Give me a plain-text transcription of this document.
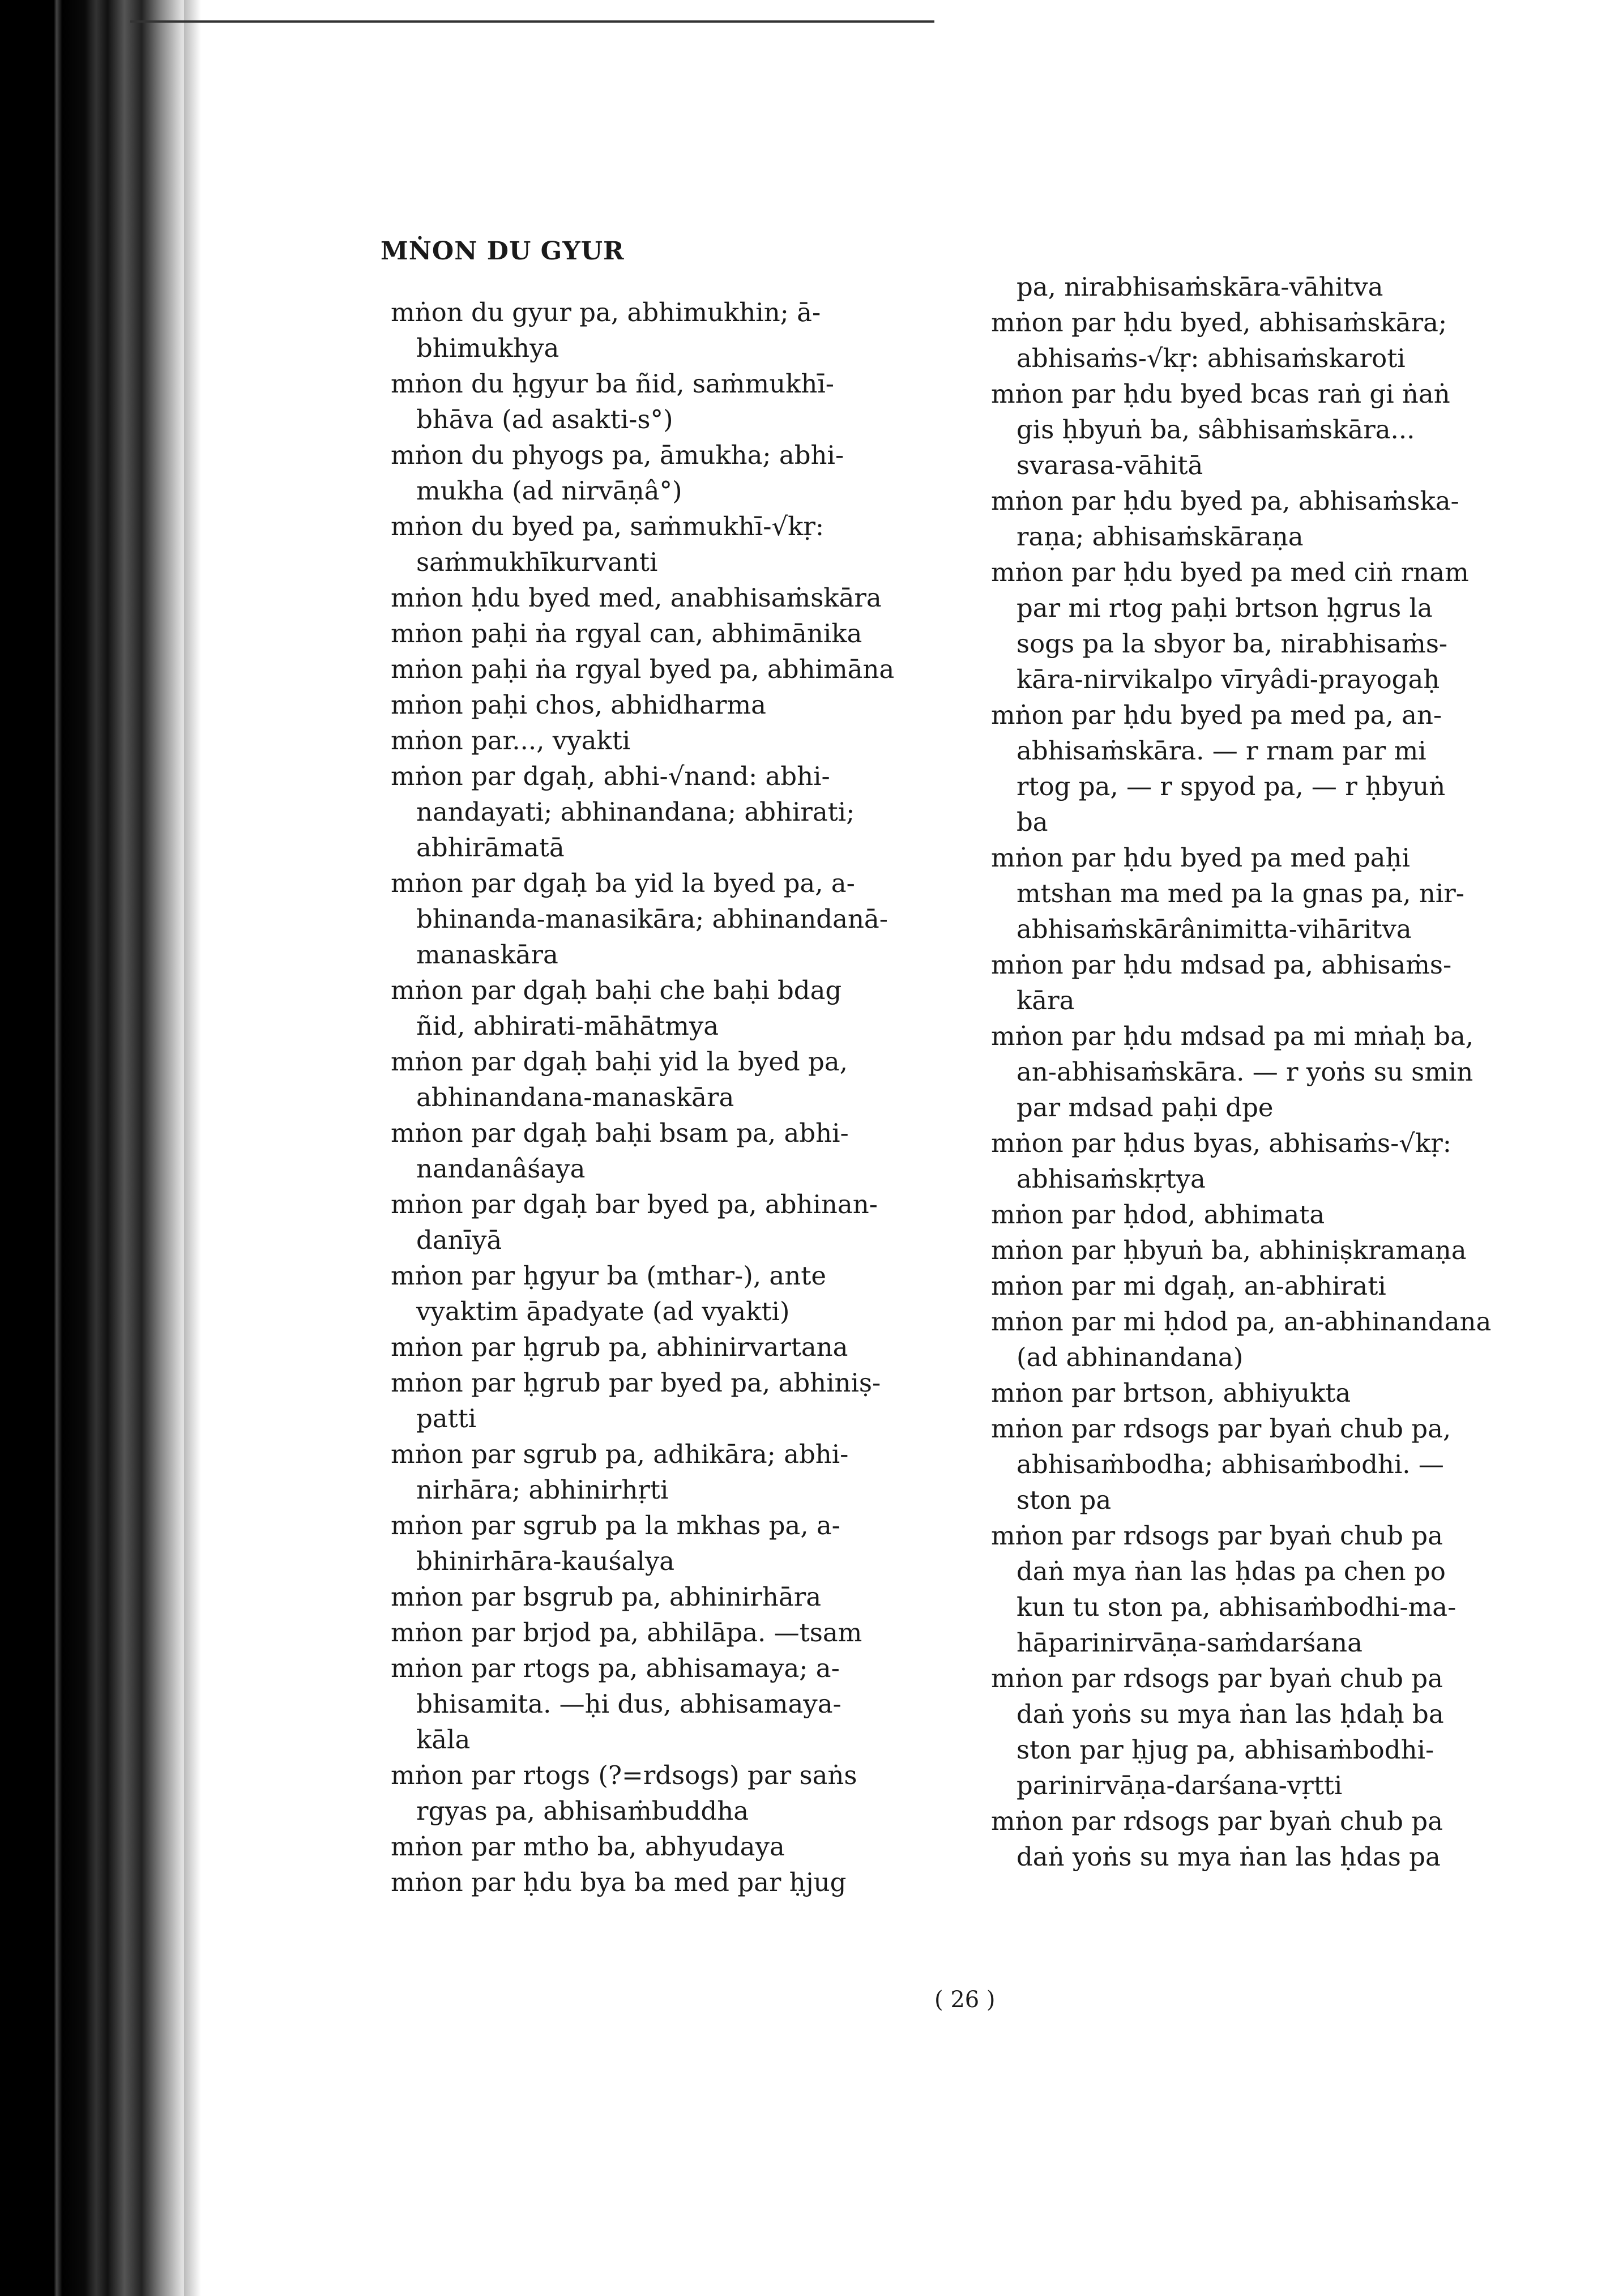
MṄON DU GYUR
mṅon du gyur pa, abhimukhin; ā-
bhimukhya
mṅon du ḥgyur ba ñid, saṁmukhī-
bhāva (ad asakti-s°)
mṅon du phyogs pa, āmukha; abhi-
mukha (ad nirvāṇâ°)
mṅon du byed pa, saṁmukhī-√kṛ:
saṁmukhīkurvanti
mṅon ḥdu byed med, anabhisaṁskāra
mṅon paḥi ṅa rgyal can, abhimānika
mṅon paḥi ṅa rgyal byed pa, abhimāna
mṅon paḥi chos, abhidharma
mṅon par..., vyakti
mṅon par dgaḥ, abhi-√nand: abhi-
nandayati; abhinandana; abhirati;
abhirāmatā
mṅon par dgaḥ ba yid la byed pa, a-
bhinanda-manasikāra; abhinandanā-
manaskāra
mṅon par dgaḥ baḥi che baḥi bdag
ñid, abhirati-māhātmya
mṅon par dgaḥ baḥi yid la byed pa,
abhinandana-manaskāra
mṅon par dgaḥ baḥi bsam pa, abhi-
nandanâśaya
mṅon par dgaḥ bar byed pa, abhinan-
danīyā
mṅon par ḥgyur ba (mthar-), ante
vyaktim āpadyate (ad vyakti)
mṅon par ḥgrub pa, abhinirvartana
mṅon par ḥgrub par byed pa, abhiniṣ-
patti
mṅon par sgrub pa, adhikāra; abhi-
nirhāra; abhinirhṛti
mṅon par sgrub pa la mkhas pa, a-
bhinirhāra-kauśalya
mṅon par bsgrub pa, abhinirhāra
mṅon par brjod pa, abhilāpa. —tsam
mṅon par rtogs pa, abhisamaya; a-
bhisamita. —ḥi dus, abhisamaya-
kāla
mṅon par rtogs (?=rdsogs) par saṅs
rgyas pa, abhisaṁbuddha
mṅon par mtho ba, abhyudaya
mṅon par ḥdu bya ba med par ḥjug
pa, nirabhisaṁskāra-vāhitva
mṅon par ḥdu byed, abhisaṁskāra;
abhisaṁs-√kṛ: abhisaṁskaroti
mṅon par ḥdu byed bcas raṅ gi ṅaṅ
gis ḥbyuṅ ba, sâbhisaṁskāra...
svarasa-vāhitā
mṅon par ḥdu byed pa, abhisaṁska-
raṇa; abhisaṁskāraṇa
mṅon par ḥdu byed pa med ciṅ rnam
par mi rtog paḥi brtson ḥgrus la
sogs pa la sbyor ba, nirabhisaṁs-
kāra-nirvikalpo vīryâdi-prayogaḥ
mṅon par ḥdu byed pa med pa, an-
abhisaṁskāra. — r rnam par mi
rtog pa, — r spyod pa, — r ḥbyuṅ
ba
mṅon par ḥdu byed pa med paḥi
mtshan ma med pa la gnas pa, nir-
abhisaṁskārânimitta-vihāritva
mṅon par ḥdu mdsad pa, abhisaṁs-
kāra
mṅon par ḥdu mdsad pa mi mṅaḥ ba,
an-abhisaṁskāra. — r yoṅs su smin
par mdsad paḥi dpe
mṅon par ḥdus byas, abhisaṁs-√kṛ:
abhisaṁskṛtya
mṅon par ḥdod, abhimata
mṅon par ḥbyuṅ ba, abhiniṣkramaṇa
mṅon par mi dgaḥ, an-abhirati
mṅon par mi ḥdod pa, an-abhinandana
(ad abhinandana)
mṅon par brtson, abhiyukta
mṅon par rdsogs par byaṅ chub pa,
abhisaṁbodha; abhisaṁbodhi. —
ston pa
mṅon par rdsogs par byaṅ chub pa
daṅ mya ṅan las ḥdas pa chen po
kun tu ston pa, abhisaṁbodhi-ma-
hāparinirvāṇa-saṁdarśana
mṅon par rdsogs par byaṅ chub pa
daṅ yoṅs su mya ṅan las ḥdaḥ ba
ston par ḥjug pa, abhisaṁbodhi-
parinirvāṇa-darśana-vṛtti
mṅon par rdsogs par byaṅ chub pa
daṅ yoṅs su mya ṅan las ḥdas pa
( 26 )
